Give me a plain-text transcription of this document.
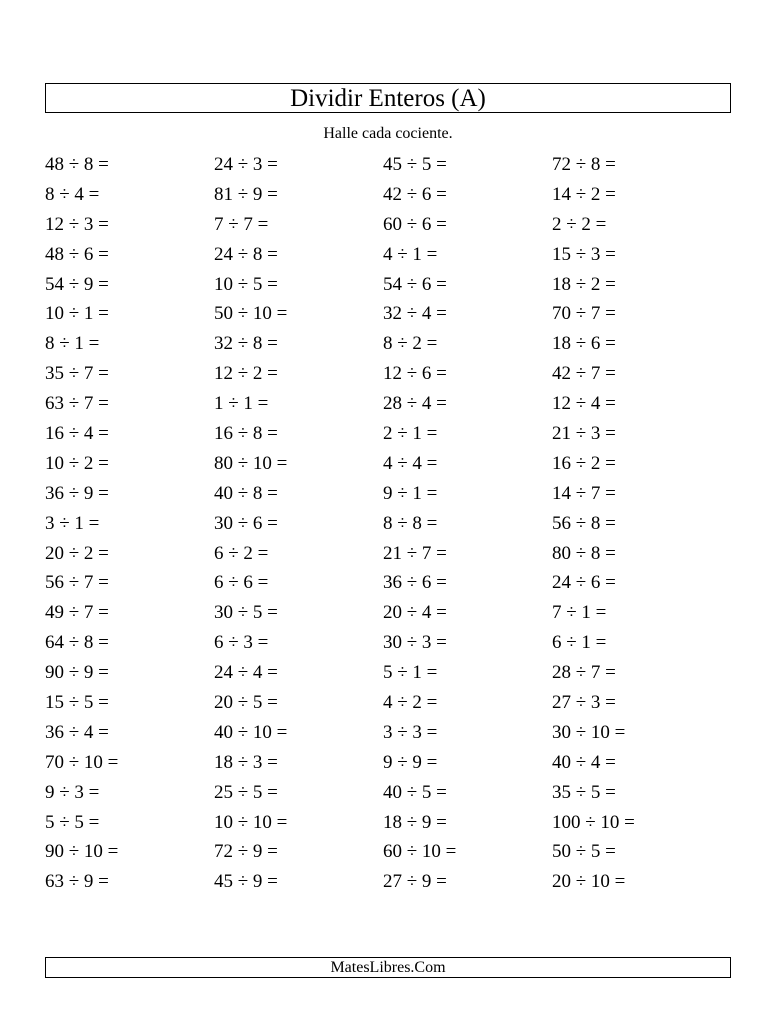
Dividir Enteros (A)
Halle cada cociente.
48 ÷ 8 =	24 ÷ 3 =	45 ÷ 5 =	72 ÷ 8 =
8 ÷ 4 =	81 ÷ 9 =	42 ÷ 6 =	14 ÷ 2 =
12 ÷ 3 =	7 ÷ 7 =	60 ÷ 6 =	2 ÷ 2 =
48 ÷ 6 =	24 ÷ 8 =	4 ÷ 1 =	15 ÷ 3 =
54 ÷ 9 =	10 ÷ 5 =	54 ÷ 6 =	18 ÷ 2 =
10 ÷ 1 =	50 ÷ 10 =	32 ÷ 4 =	70 ÷ 7 =
8 ÷ 1 =	32 ÷ 8 =	8 ÷ 2 =	18 ÷ 6 =
35 ÷ 7 =	12 ÷ 2 =	12 ÷ 6 =	42 ÷ 7 =
63 ÷ 7 =	1 ÷ 1 =	28 ÷ 4 =	12 ÷ 4 =
16 ÷ 4 =	16 ÷ 8 =	2 ÷ 1 =	21 ÷ 3 =
10 ÷ 2 =	80 ÷ 10 =	4 ÷ 4 =	16 ÷ 2 =
36 ÷ 9 =	40 ÷ 8 =	9 ÷ 1 =	14 ÷ 7 =
3 ÷ 1 =	30 ÷ 6 =	8 ÷ 8 =	56 ÷ 8 =
20 ÷ 2 =	6 ÷ 2 =	21 ÷ 7 =	80 ÷ 8 =
56 ÷ 7 =	6 ÷ 6 =	36 ÷ 6 =	24 ÷ 6 =
49 ÷ 7 =	30 ÷ 5 =	20 ÷ 4 =	7 ÷ 1 =
64 ÷ 8 =	6 ÷ 3 =	30 ÷ 3 =	6 ÷ 1 =
90 ÷ 9 =	24 ÷ 4 =	5 ÷ 1 =	28 ÷ 7 =
15 ÷ 5 =	20 ÷ 5 =	4 ÷ 2 =	27 ÷ 3 =
36 ÷ 4 =	40 ÷ 10 =	3 ÷ 3 =	30 ÷ 10 =
70 ÷ 10 =	18 ÷ 3 =	9 ÷ 9 =	40 ÷ 4 =
9 ÷ 3 =	25 ÷ 5 =	40 ÷ 5 =	35 ÷ 5 =
5 ÷ 5 =	10 ÷ 10 =	18 ÷ 9 =	100 ÷ 10 =
90 ÷ 10 =	72 ÷ 9 =	60 ÷ 10 =	50 ÷ 5 =
63 ÷ 9 =	45 ÷ 9 =	27 ÷ 9 =	20 ÷ 10 =
MatesLibres.Com
